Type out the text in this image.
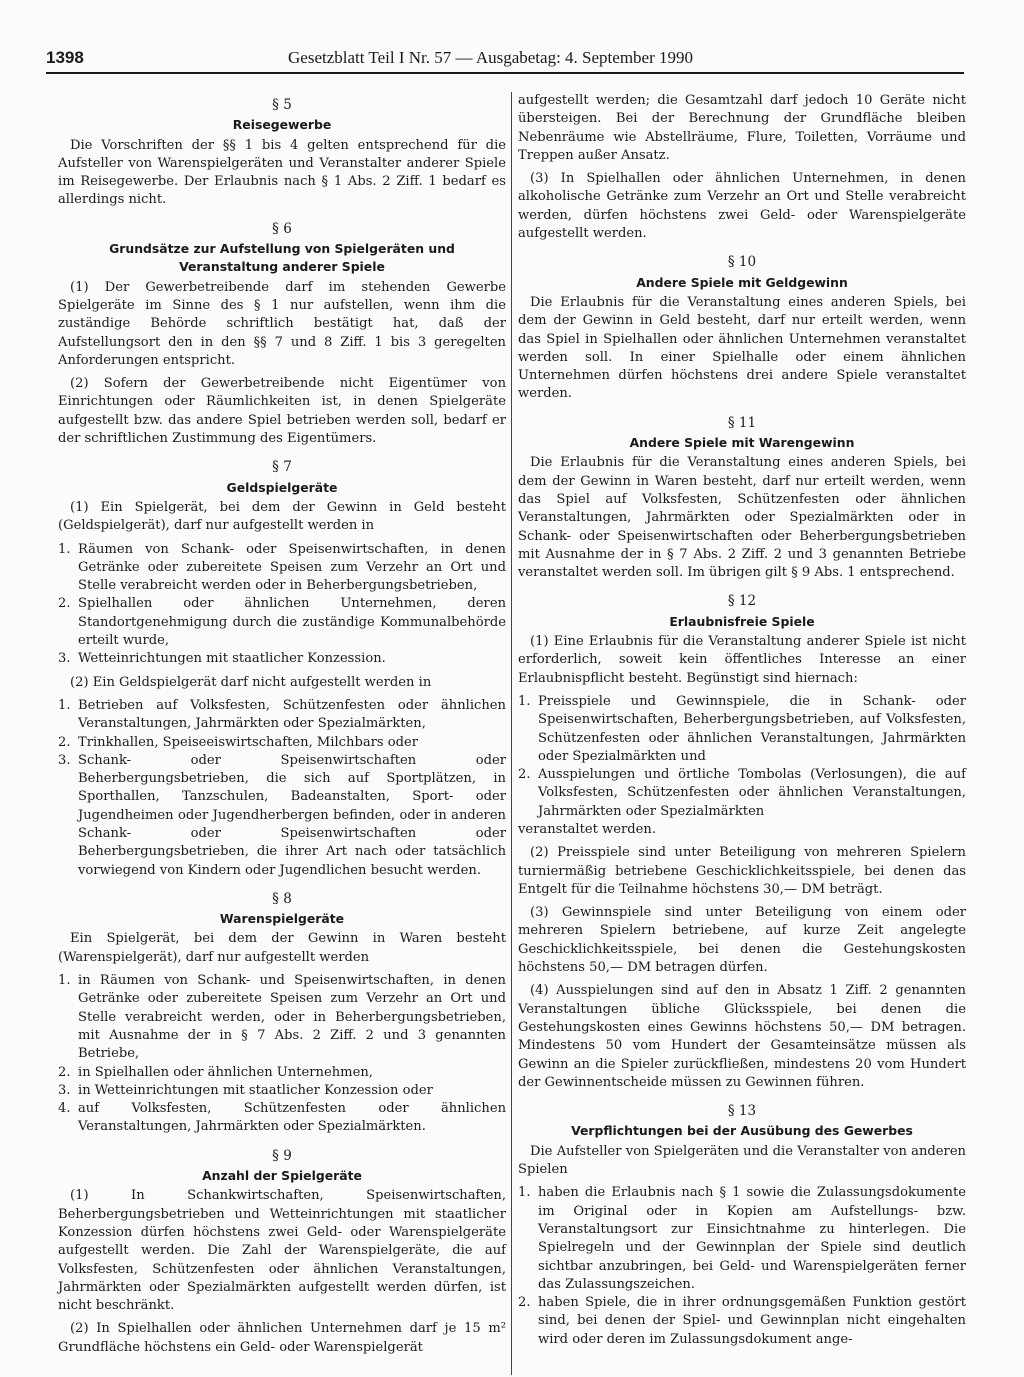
1398	Gesetzblatt Teil I Nr. 57 — Ausgabetag: 4. September 1990
§ 5
Reisegewerbe

Die Vorschriften der §§ 1 bis 4 gelten entsprechend für die Aufsteller von Warenspielgeräten und Veranstalter anderer Spiele im Reisegewerbe. Der Erlaubnis nach § 1 Abs. 2 Ziff. 1 bedarf es allerdings nicht.

§ 6
Grundsätze zur Aufstellung von Spielgeräten und Veranstaltung anderer Spiele

(1) Der Gewerbetreibende darf im stehenden Gewerbe Spielgeräte im Sinne des § 1 nur aufstellen, wenn ihm die zuständige Behörde schriftlich bestätigt hat, daß der Aufstellungsort den in den §§ 7 und 8 Ziff. 1 bis 3 geregelten Anforderungen entspricht.

(2) Sofern der Gewerbetreibende nicht Eigentümer von Einrichtungen oder Räumlichkeiten ist, in denen Spielgeräte aufgestellt bzw. das andere Spiel betrieben werden soll, bedarf er der schriftlichen Zustimmung des Eigentümers.

§ 7
Geldspielgeräte

(1) Ein Spielgerät, bei dem der Gewinn in Geld besteht (Geldspielgerät), darf nur aufgestellt werden in

1. Räumen von Schank- oder Speisenwirtschaften, in denen Getränke oder zubereitete Speisen zum Verzehr an Ort und Stelle verabreicht werden oder in Beherbergungsbetrieben,
2. Spielhallen oder ähnlichen Unternehmen, deren Standortgenehmigung durch die zuständige Kommunalbehörde erteilt wurde,
3. Wetteinrichtungen mit staatlicher Konzession.

(2) Ein Geldspielgerät darf nicht aufgestellt werden in

1. Betrieben auf Volksfesten, Schützenfesten oder ähnlichen Veranstaltungen, Jahrmärkten oder Spezialmärkten,
2. Trinkhallen, Speiseeiswirtschaften, Milchbars oder
3. Schank- oder Speisenwirtschaften oder Beherbergungsbetrieben, die sich auf Sportplätzen, in Sporthallen, Tanzschulen, Badeanstalten, Sport- oder Jugendheimen oder Jugendherbergen befinden, oder in anderen Schank- oder Speisenwirtschaften oder Beherbergungsbetrieben, die ihrer Art nach oder tatsächlich vorwiegend von Kindern oder Jugendlichen besucht werden.
§ 8
Warenspielgeräte

Ein Spielgerät, bei dem der Gewinn in Waren besteht (Warenspielgerät), darf nur aufgestellt werden

1. in Räumen von Schank- und Speisenwirtschaften, in denen Getränke oder zubereitete Speisen zum Verzehr an Ort und Stelle verabreicht werden, oder in Beherbergungsbetrieben, mit Ausnahme der in § 7 Abs. 2 Ziff. 2 und 3 genannten Betriebe,
2. in Spielhallen oder ähnlichen Unternehmen,
3. in Wetteinrichtungen mit staatlicher Konzession oder
4. auf Volksfesten, Schützenfesten oder ähnlichen Veranstaltungen, Jahrmärkten oder Spezialmärkten.
§ 9
Anzahl der Spielgeräte

(1) In Schankwirtschaften, Speisenwirtschaften, Beherbergungsbetrieben und Wetteinrichtungen mit staatlicher Konzession dürfen höchstens zwei Geld- oder Warenspielgeräte aufgestellt werden. Die Zahl der Warenspielgeräte, die auf Volksfesten, Schützenfesten oder ähnlichen Veranstaltungen, Jahrmärkten oder Spezialmärkten aufgestellt werden dürfen, ist nicht beschränkt.

(2) In Spielhallen oder ähnlichen Unternehmen darf je 15 m² Grundfläche höchstens ein Geld- oder Warenspielgerät

aufgestellt werden; die Gesamtzahl darf jedoch 10 Geräte nicht übersteigen. Bei der Berechnung der Grundfläche bleiben Nebenräume wie Abstellräume, Flure, Toiletten, Vorräume und Treppen außer Ansatz.

(3) In Spielhallen oder ähnlichen Unternehmen, in denen alkoholische Getränke zum Verzehr an Ort und Stelle verabreicht werden, dürfen höchstens zwei Geld- oder Warenspielgeräte aufgestellt werden.

§ 10
Andere Spiele mit Geldgewinn

Die Erlaubnis für die Veranstaltung eines anderen Spiels, bei dem der Gewinn in Geld besteht, darf nur erteilt werden, wenn das Spiel in Spielhallen oder ähnlichen Unternehmen veranstaltet werden soll. In einer Spielhalle oder einem ähnlichen Unternehmen dürfen höchstens drei andere Spiele veranstaltet werden.

§ 11
Andere Spiele mit Warengewinn

Die Erlaubnis für die Veranstaltung eines anderen Spiels, bei dem der Gewinn in Waren besteht, darf nur erteilt werden, wenn das Spiel auf Volksfesten, Schützenfesten oder ähnlichen Veranstaltungen, Jahrmärkten oder Spezialmärkten oder in Schank- oder Speisenwirtschaften oder Beherbergungsbetrieben mit Ausnahme der in § 7 Abs. 2 Ziff. 2 und 3 genannten Betriebe veranstaltet werden soll. Im übrigen gilt § 9 Abs. 1 entsprechend.

§ 12
Erlaubnisfreie Spiele

(1) Eine Erlaubnis für die Veranstaltung anderer Spiele ist nicht erforderlich, soweit kein öffentliches Interesse an einer Erlaubnispflicht besteht. Begünstigt sind hiernach:

1. Preisspiele und Gewinnspiele, die in Schank- oder Speisenwirtschaften, Beherbergungsbetrieben, auf Volksfesten, Schützenfesten oder ähnlichen Veranstaltungen, Jahrmärkten oder Spezialmärkten und
2. Ausspielungen und örtliche Tombolas (Verlosungen), die auf Volksfesten, Schützenfesten oder ähnlichen Veranstaltungen, Jahrmärkten oder Spezialmärkten

veranstaltet werden.

(2) Preisspiele sind unter Beteiligung von mehreren Spielern turniermäßig betriebene Geschicklichkeitsspiele, bei denen das Entgelt für die Teilnahme höchstens 30,— DM beträgt.

(3) Gewinnspiele sind unter Beteiligung von einem oder mehreren Spielern betriebene, auf kurze Zeit angelegte Geschicklichkeitsspiele, bei denen die Gestehungskosten höchstens 50,— DM betragen dürfen.

(4) Ausspielungen sind auf den in Absatz 1 Ziff. 2 genannten Veranstaltungen übliche Glücksspiele, bei denen die Gestehungskosten eines Gewinns höchstens 50,— DM betragen. Mindestens 50 vom Hundert der Gesamteinsätze müssen als Gewinn an die Spieler zurückfließen, mindestens 20 vom Hundert der Gewinnentscheide müssen zu Gewinnen führen.

§ 13
Verpflichtungen bei der Ausübung des Gewerbes

Die Aufsteller von Spielgeräten und die Veranstalter von anderen Spielen

1. haben die Erlaubnis nach § 1 sowie die Zulassungsdokumente im Original oder in Kopien am Aufstellungs- bzw. Veranstaltungsort zur Einsichtnahme zu hinterlegen. Die Spielregeln und der Gewinnplan der Spiele sind deutlich sichtbar anzubringen, bei Geld- und Warenspielgeräten ferner das Zulassungszeichen.
2. haben Spiele, die in ihrer ordnungsgemäßen Funktion gestört sind, bei denen der Spiel- und Gewinnplan nicht eingehalten wird oder deren im Zulassungsdokument ange-
